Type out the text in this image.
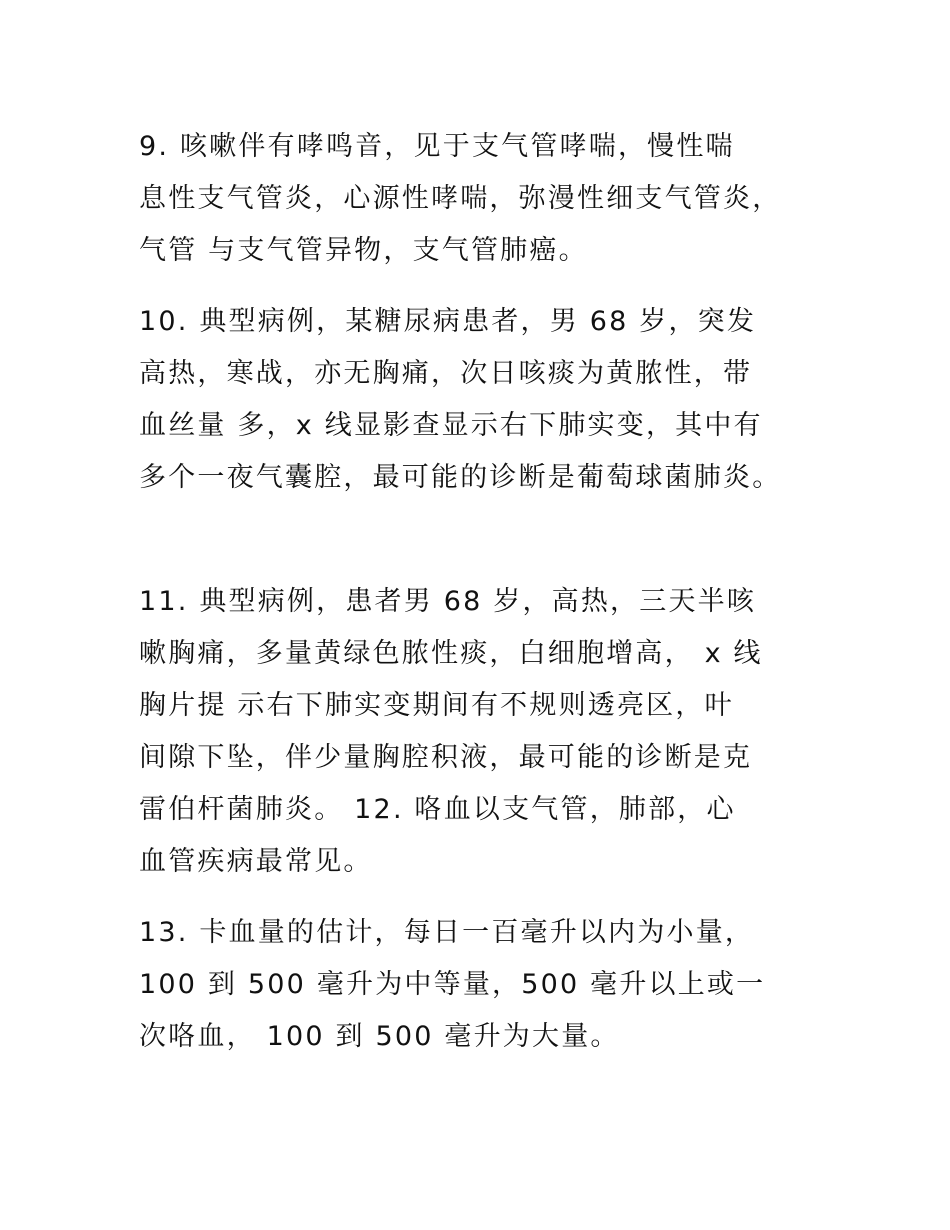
9. 咳嗽伴有哮鸣音，见于支气管哮喘，慢性喘
息性支气管炎，心源性哮喘，弥漫性细支气管炎，
气管 与支气管异物，支气管肺癌。
10. 典型病例，某糖尿病患者，男 68 岁，突发
高热，寒战，亦无胸痛，次日咳痰为黄脓性，带
血丝量 多，x 线显影查显示右下肺实变，其中有
多个一夜气囊腔，最可能的诊断是葡萄球菌肺炎。
11. 典型病例，患者男 68 岁，高热，三天半咳
嗽胸痛，多量黄绿色脓性痰，白细胞增高， x 线
胸片提 示右下肺实变期间有不规则透亮区，叶
间隙下坠，伴少量胸腔积液，最可能的诊断是克
雷伯杆菌肺炎。 12. 咯血以支气管，肺部，心
血管疾病最常见。
13. 卡血量的估计，每日一百毫升以内为小量，
100 到 500 毫升为中等量，500 毫升以上或一
次咯血， 100 到 500 毫升为大量。
